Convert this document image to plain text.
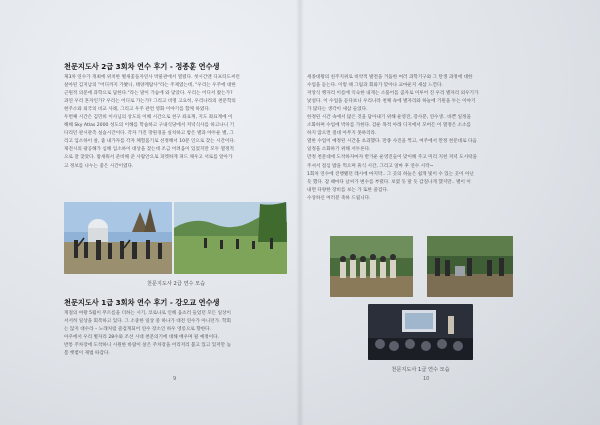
천문지도사 2급 3회차 연수 후기 - 정종훈 연수생
제3차 연수가 개최에 위치한 별새꽃돌자연사 박물관에서 열렸다. 첫시간엔 디프티도씨린
살아된 김지남의 "어디까지 가봤니, 태양계탐사"라는 주제였는데, "우리는 우주에 대한
근원적 의문에 과학으로 답한다."라는 말이 가슴에 와 닿았다. 우리는 어디서 왔는가?
과연 우리 혼자인가? 우리는 어디로 가는가? 그리고 비명 고요히, 우리나라의 천문학의
현주소와 외국의 비교 사례, 그리고 우주 관련 영화 이야기를 함께 하였다.
두번째 시간은 김민희 이사님의 상도의 이해 시간으로 천구 좌표계, 지도 좌표계에 이
해해 Sky Atlas 2000 성도의 이해를 학습하고 구내식당에서 저녁식사를 하고나니 기
다리던 관시관측 실습시간이다. 각자 가진 망원경을 실치하고 밤은 별과 야두운 별, 그
리고 입소하이 살, 줌 내가자를 각자 체험롭기로 선정해서 10분 인으로 찾는 시간이다.
제전시의 광공해가 심해 입소하이 대상을 찾는데 조금 어려움이 있었지만 모두 열정적
으로 잘 찾았다. 밤새워서 준비해 준 사람안으로 피켓하게 펴드 채우고 서로를 알아가
고 정보를 나누는 좋은 시간이였다.
천문지도사 2급 연수 모습
천문지도사 1급 3회차 연수 후기 - 강오교 연수생
게절의 여왕 5월이 무르름을 더하는 시기, 코로나로 인해 움츠러 들었던 모든 일상이
서서히 일상을 회복하고 있다. 그 소중한 일상 중 하나가 대전 연수가 아니던가. 학회
는 않지 대수라 – 노래처럼 즐겁게되어 연수 장소인 하우 영롱으로 향한다.
아쿠에서 우리 별자리 28수와 조선 시대 천문의기에 대해 배우며 될 예정이다.
반통 주차장에 도착하니 시원한 바람이 살은 주차장을 어리저리 불고 있고 있저만 높
봄 햇볕이 제법 따갑다.
9
세종대왕의 친주지위로 비약적 발전을 거듭한 여러 과학기구와 그 탄생 과정에 대한
수업을 듣는다. 이렇 때 그림과 회와가 맞아나 교마운지 새삼 느낀다.
저앙식 뱅자리 이름에 익숙한 내게는 소품어를 콤자로 이루어 진 우리 별자리 외우기가
낯설다. 이 수업을 듣다보니 우리나라 천체 속에 별자리와 하늘에 기원을 두는 이야기
가 많다는 생각이 새삼 들었다.
한정된 시간 속에서 많은 것을 담아내기 위해 운영진, 강사분, 연수생.. 바쁜 일정을
소화하며 수업에 박차를 가한다. 감운 목적 아래 디지에서 모여든 이 열정은 소소를
하지 않으면 절대 아무지 못하리라.
열한 수업이 예정된 시간을 초과했다. 만종 사진을 찍고, 여주에서 만정 천문대로 다음
일정을 소화하기 위해 서두른다.
만정 천문대에 도착하자마자 반가운 운영진들이 맞이해 주고 미리 지천 저녁 도시락을
주셔서 점심 밥을 먹으며 휴식 시간, 그리고 얼마 후 연수 시작~
1회차 연수에 진행됐던 레시에 마지막.. 그 곳의 하늘은 쉽게 빛이 수 있는 곳이 아닌
듯 했다. 잠 때마다 날씨가 변수를 부렸다. 보였 듯 말 듯 감질나게 했지만.. 별이 이
내면 다양한 장비를 보는 가 또한 즐겁다.
수상하신 여러분 축하 드립니다.
천문지도사 1급 연수 모습
10
